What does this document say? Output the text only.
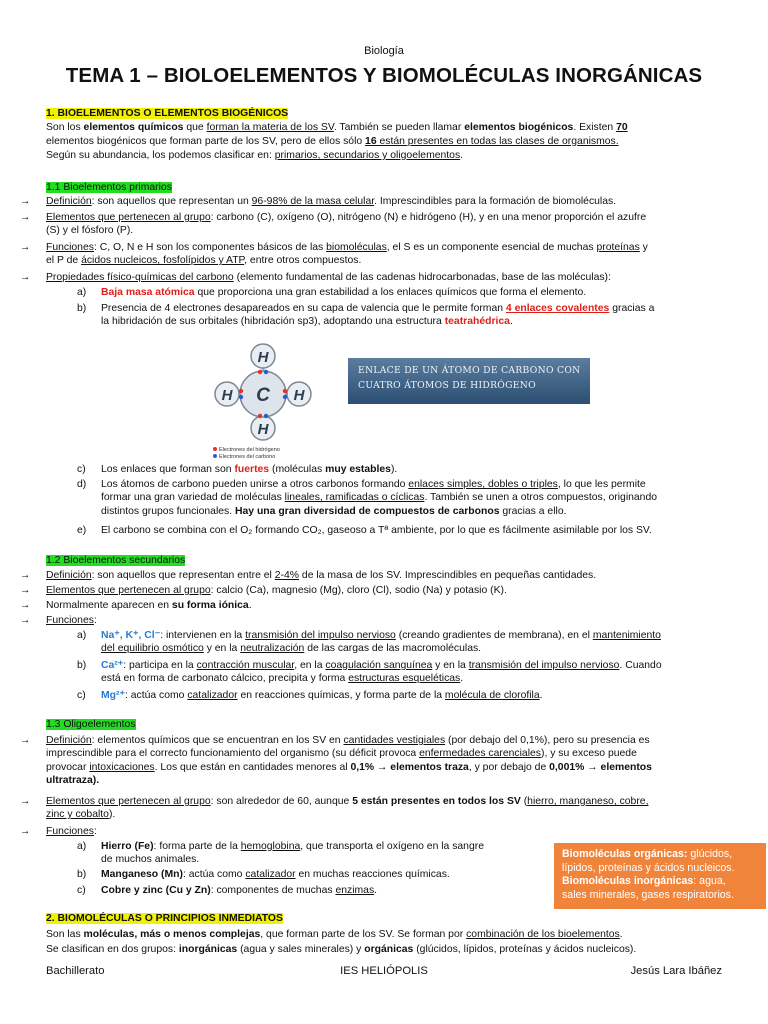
Biología
TEMA 1 – BIOLOELEMENTOS Y BIOMOLÉCULAS INORGÁNICAS
1. BIOELEMENTOS O ELEMENTOS BIOGÉNICOS
Son los elementos químicos que forman la materia de los SV. También se pueden llamar elementos biogénicos. Existen 70
elementos biogénicos que forman parte de los SV, pero de ellos sólo 16 están presentes en todas las clases de organismos.
Según su abundancia, los podemos clasificar en: primarios, secundarios y oligoelementos.
1.1 Bioelementos primarios
→ Definición: son aquellos que representan un 96-98% de la masa celular. Imprescindibles para la formación de biomoléculas.
→ Elementos que pertenecen al grupo: carbono (C), oxígeno (O), nitrógeno (N) e hidrógeno (H), y en una menor proporción el azufre
(S) y el fósforo (P).
→ Funciones: C, O, N e H son los componentes básicos de las biomoléculas, el S es un componente esencial de muchas proteínas y
el P de ácidos nucleicos, fosfolípidos y ATP, entre otros compuestos.
→ Propiedades físico-químicas del carbono (elemento fundamental de las cadenas hidrocarbonadas, base de las moléculas):
a) Baja masa atómica que proporciona una gran estabilidad a los enlaces químicos que forma el elemento.
b) Presencia de 4 electrones desapareados en su capa de valencia que le permite forman 4 enlaces covalentes gracias a
la hibridación de sus orbitales (hibridación sp3), adoptando una estructura teatrahédrica.
H
H
H	H
C
Electrones del hidrógeno
Electrones del carbono
ENLACE DE UN ÁTOMO DE CARBONO CON
CUATRO ÁTOMOS DE HIDRÓGENO
c) Los enlaces que forman son fuertes (moléculas muy estables).
d) Los átomos de carbono pueden unirse a otros carbonos formando enlaces simples, dobles o triples, lo que les permite
formar una gran variedad de moléculas lineales, ramificadas o cíclicas. También se unen a otros compuestos, originando
distintos grupos funcionales. Hay una gran diversidad de compuestos de carbonos gracias a ello.
e) El carbono se combina con el O₂ formando CO₂, gaseoso a Tª ambiente, por lo que es fácilmente asimilable por los SV.
1.2 Bioelementos secundarios
→ Definición: son aquellos que representan entre el 2-4% de la masa de los SV. Imprescindibles en pequeñas cantidades.
→ Elementos que pertenecen al grupo: calcio (Ca), magnesio (Mg), cloro (Cl), sodio (Na) y potasio (K).
→ Normalmente aparecen en su forma iónica.
→ Funciones:
a) Na⁺, K⁺, Cl⁻: intervienen en la transmisión del impulso nervioso (creando gradientes de membrana), en el mantenimiento
del equilibrio osmótico y en la neutralización de las cargas de las macromoléculas.
b) Ca²⁺: participa en la contracción muscular, en la coagulación sanguínea y en la transmisión del impulso nervioso. Cuando
está en forma de carbonato cálcico, precipita y forma estructuras esqueléticas.
c) Mg²⁺: actúa como catalizador en reacciones químicas, y forma parte de la molécula de clorofila.
1.3 Oligoelementos
→ Definición: elementos químicos que se encuentran en los SV en cantidades vestigiales (por debajo del 0,1%), pero su presencia es
imprescindible para el correcto funcionamiento del organismo (su déficit provoca enfermedades carenciales), y su exceso puede
provocar intoxicaciones. Los que están en cantidades menores al 0,1% → elementos traza, y por debajo de 0,001% → elementos
ultratraza).
→ Elementos que pertenecen al grupo: son alrededor de 60, aunque 5 están presentes en todos los SV (hierro, manganeso, cobre,
zinc y cobalto).
→ Funciones:
a) Hierro (Fe): forma parte de la hemoglobina, que transporta el oxígeno en la sangre
de muchos animales.
b) Manganeso (Mn): actúa como catalizador en muchas reacciones químicas.
c) Cobre y zinc (Cu y Zn): componentes de muchas enzimas.
Biomoléculas orgánicas: glúcidos,
lípidos, proteínas y ácidos nucleicos.
Biomoléculas inorgánicas: agua,
sales minerales, gases respiratorios.
2. BIOMOLÉCULAS O PRINCIPIOS INMEDIATOS
Son las moléculas, más o menos complejas, que forman parte de los SV. Se forman por combinación de los bioelementos.
Se clasifican en dos grupos: inorgánicas (agua y sales minerales) y orgánicas (glúcidos, lípidos, proteínas y ácidos nucleicos).
Bachillerato	IES HELIÓPOLIS	Jesús Lara Ibáñez
